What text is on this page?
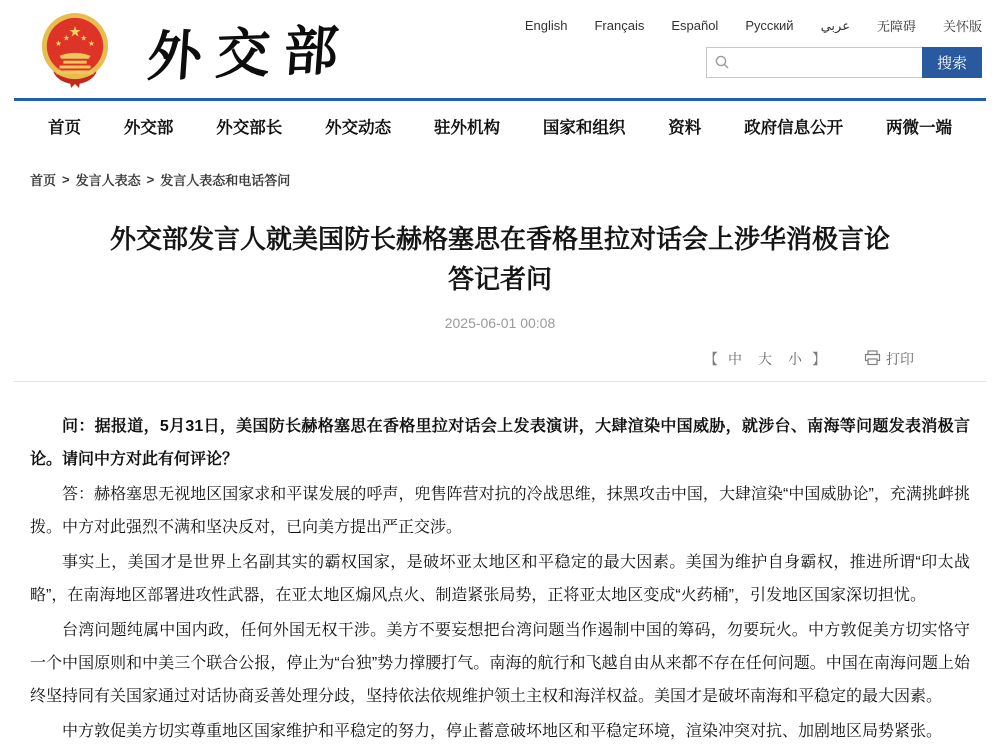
★
★
★ ★
★ 外交部	English Français Español Русский عربي 无障碍 关怀版
搜索
首页	外交部	外交部长	外交动态	驻外机构	国家和组织	资料	政府信息公开	两微一端
首页 > 发言人表态 > 发言人表态和电话答问
外交部发言人就美国防长赫格塞思在香格里拉对话会上涉华消极言论答记者问
2025-06-01 00:08
【 中	大	小 】	打印

问：据报道，5月31日，美国防长赫格塞思在香格里拉对话会上发表演讲，大肆渲染中国威胁，就涉台、南海等问题发表消极言论。请问中方对此有何评论？

答：赫格塞思无视地区国家求和平谋发展的呼声，兜售阵营对抗的冷战思维，抹黑攻击中国，大肆渲染“中国威胁论”，充满挑衅挑拨。中方对此强烈不满和坚决反对，已向美方提出严正交涉。

事实上，美国才是世界上名副其实的霸权国家，是破坏亚太地区和平稳定的最大因素。美国为维护自身霸权，推进所谓“印太战略”，在南海地区部署进攻性武器，在亚太地区煽风点火、制造紧张局势，正将亚太地区变成“火药桶”，引发地区国家深切担忧。

台湾问题纯属中国内政，任何外国无权干涉。美方不要妄想把台湾问题当作遏制中国的筹码，勿要玩火。中方敦促美方切实恪守一个中国原则和中美三个联合公报，停止为“台独”势力撑腰打气。南海的航行和飞越自由从来都不存在任何问题。中国在南海问题上始终坚持同有关国家通过对话协商妥善处理分歧，坚持依法依规维护领土主权和海洋权益。美国才是破坏南海和平稳定的最大因素。

中方敦促美方切实尊重地区国家维护和平稳定的努力，停止蓄意破坏地区和平稳定环境，渲染冲突对抗、加剧地区局势紧张。
